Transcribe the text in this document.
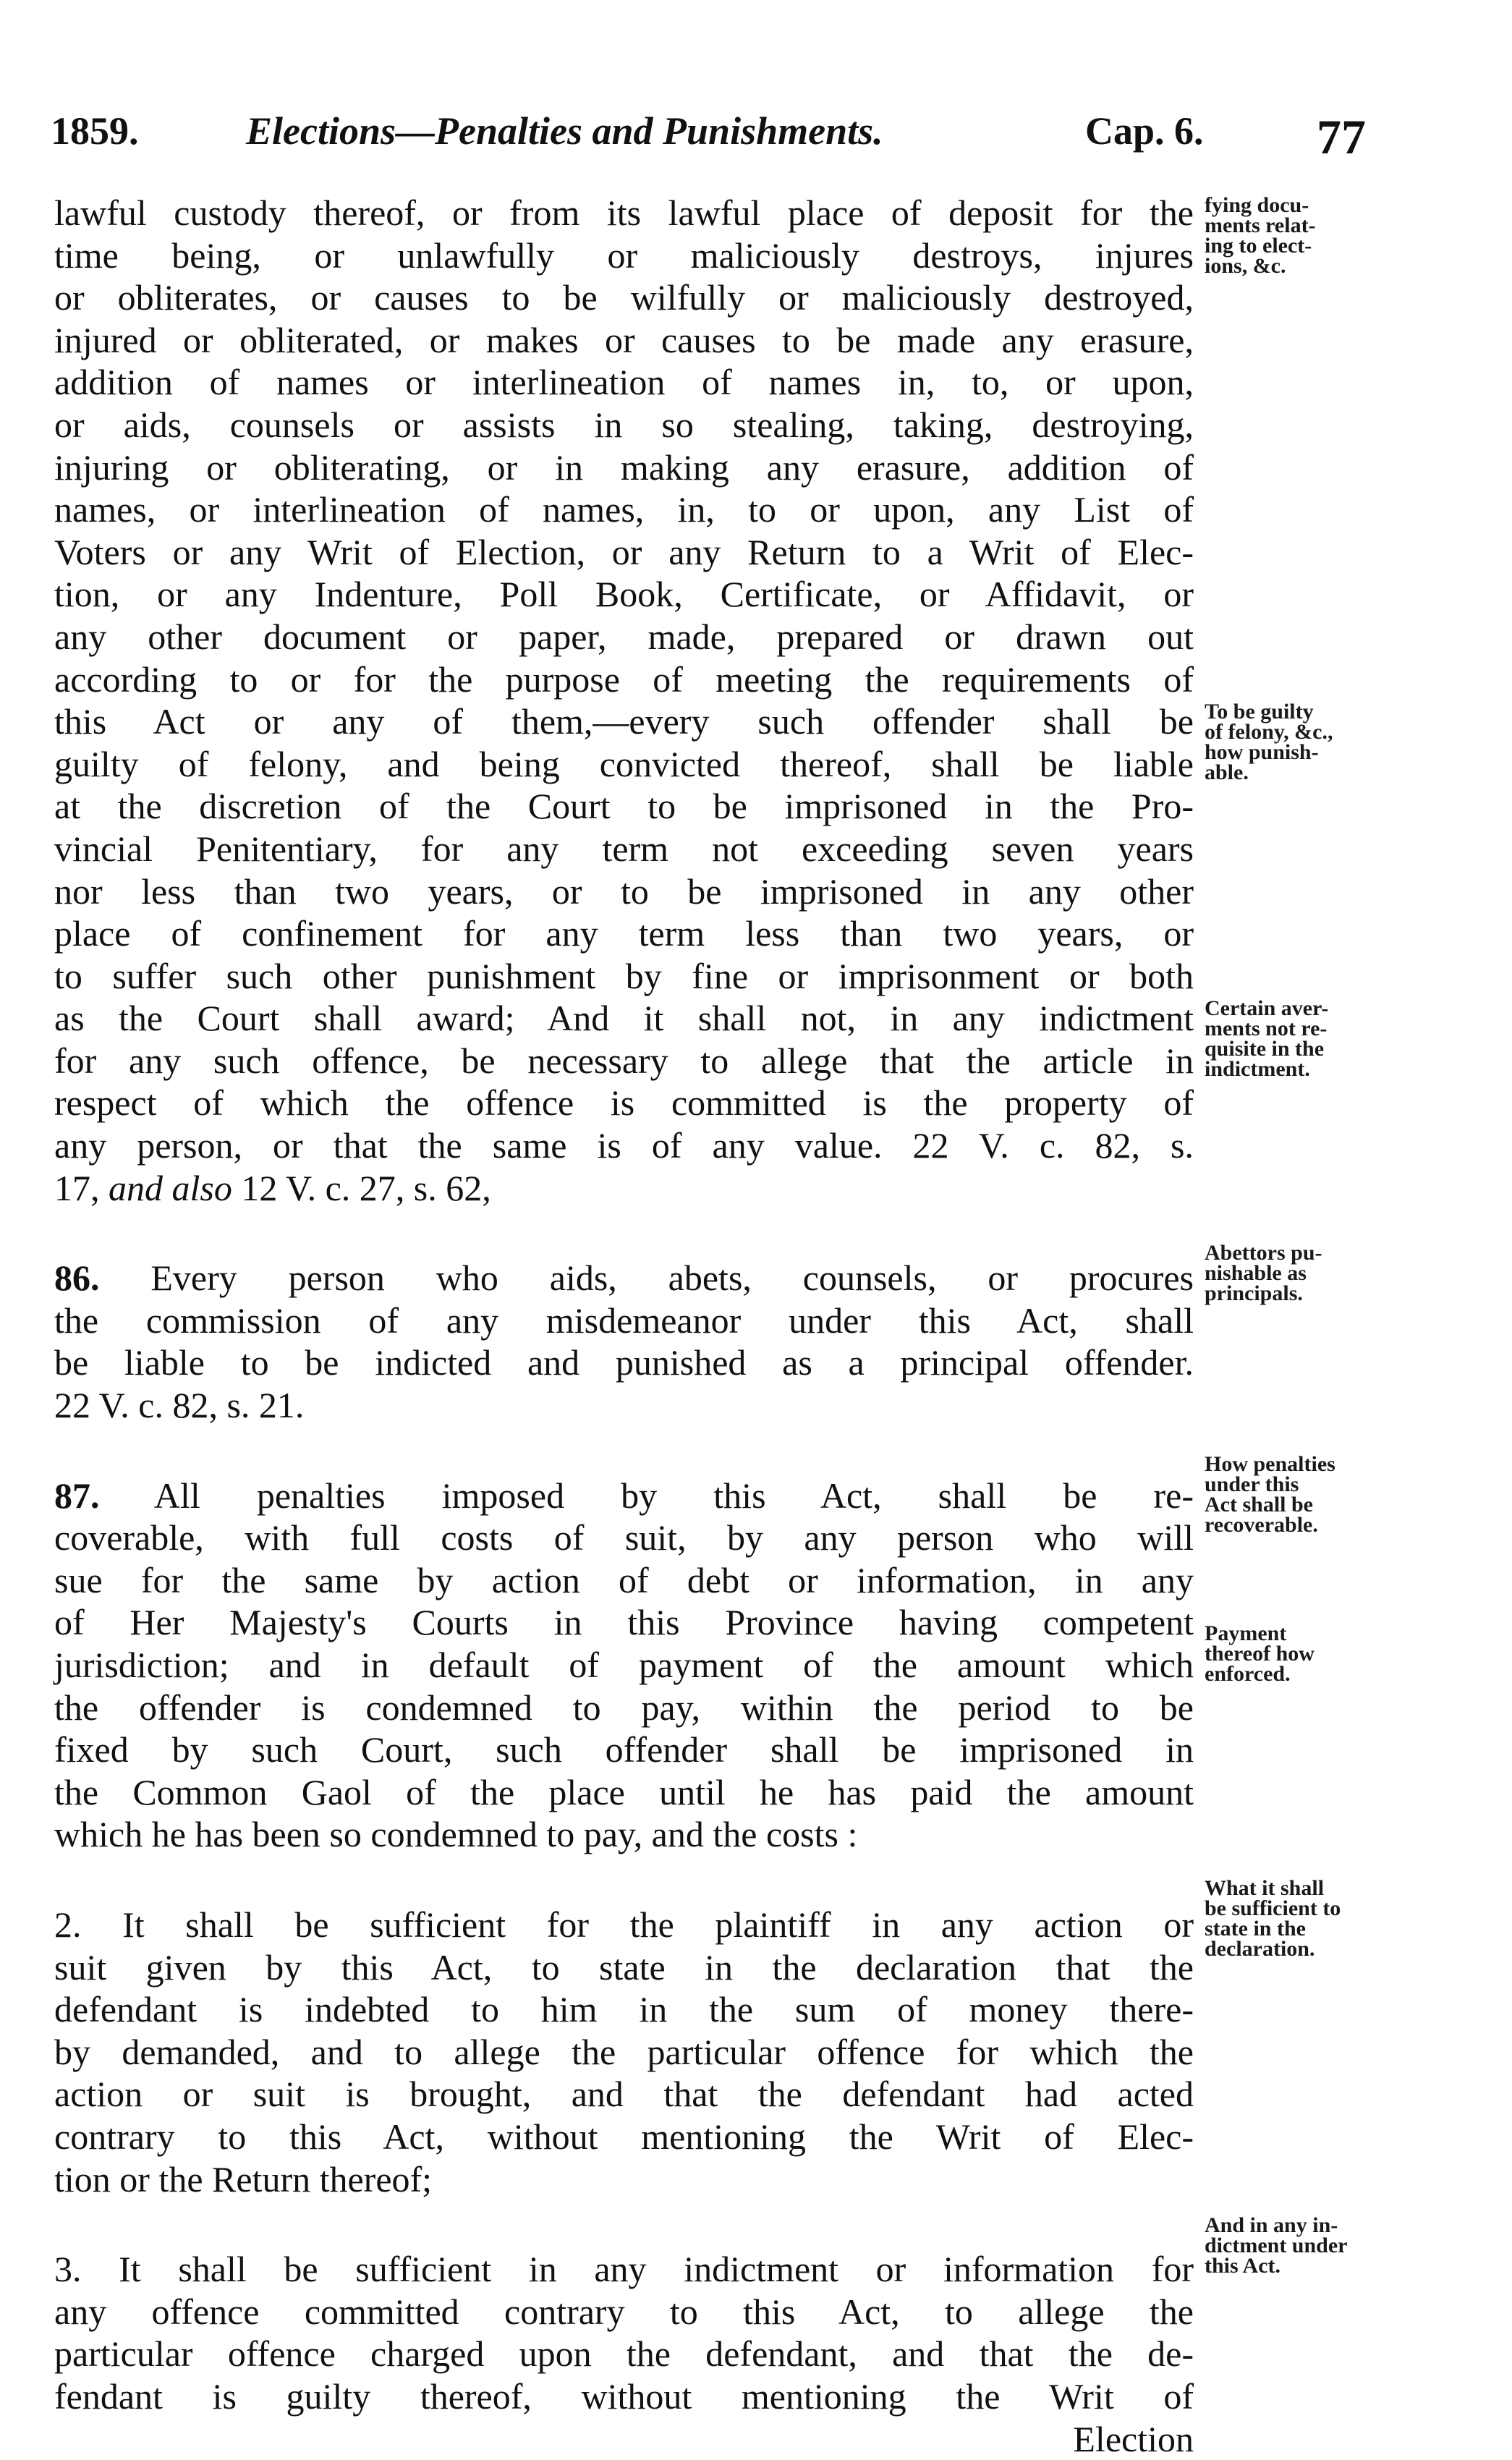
1859.	Elections—Penalties and Punishments.	Cap. 6. 77
lawful custody thereof, or from its lawful place of deposit for the
time being, or unlawfully or maliciously destroys, injures
or obliterates, or causes to be wilfully or maliciously destroyed,
injured or obliterated, or makes or causes to be made any erasure,
addition of names or interlineation of names in, to, or upon,
or aids, counsels or assists in so stealing, taking, destroying,
injuring or obliterating, or in making any erasure, addition of
names, or interlineation of names, in, to or upon, any List of
Voters or any Writ of Election, or any Return to a Writ of Elec-
tion, or any Indenture, Poll Book, Certificate, or Affidavit, or
any other document or paper, made, prepared or drawn out
according to or for the purpose of meeting the requirements of
this Act or any of them,—every such offender shall be
guilty of felony, and being convicted thereof, shall be liable
at the discretion of the Court to be imprisoned in the Pro-
vincial Penitentiary, for any term not exceeding seven years
nor less than two years, or to be imprisoned in any other
place of confinement for any term less than two years, or
to suffer such other punishment by fine or imprisonment or both
as the Court shall award; And it shall not, in any indictment
for any such offence, be necessary to allege that the article in
respect of which the offence is committed is the property of
any person, or that the same is of any value. 22 V. c. 82, s.
17, and also 12 V. c. 27, s. 62,
86. Every person who aids, abets, counsels, or procures
the commission of any misdemeanor under this Act, shall
be liable to be indicted and punished as a principal offender.
22 V. c. 82, s. 21.
87. All penalties imposed by this Act, shall be re-
coverable, with full costs of suit, by any person who will
sue for the same by action of debt or information, in any
of Her Majesty's Courts in this Province having competent
jurisdiction; and in default of payment of the amount which
the offender is condemned to pay, within the period to be
fixed by such Court, such offender shall be imprisoned in
the Common Gaol of the place until he has paid the amount
which he has been so condemned to pay, and the costs :
2. It shall be sufficient for the plaintiff in any action or
suit given by this Act, to state in the declaration that the
defendant is indebted to him in the sum of money there-
by demanded, and to allege the particular offence for which the
action or suit is brought, and that the defendant had acted
contrary to this Act, without mentioning the Writ of Elec-
tion or the Return thereof;
3. It shall be sufficient in any indictment or information for
any offence committed contrary to this Act, to allege the
particular offence charged upon the defendant, and that the de-
fendant is guilty thereof, without mentioning the Writ of
Election
fying docu-
ments relat-
ing to elect-
ions, &c.
To be guilty
of felony, &c.,
how punish-
able.
Certain aver-
ments not re-
quisite in the
indictment.
Abettors pu-
nishable as
principals.
How penalties
under this
Act shall be
recoverable.
Payment
thereof how
enforced.
What it shall
be sufficient to
state in the
declaration.
And in any in-
dictment under
this Act.
